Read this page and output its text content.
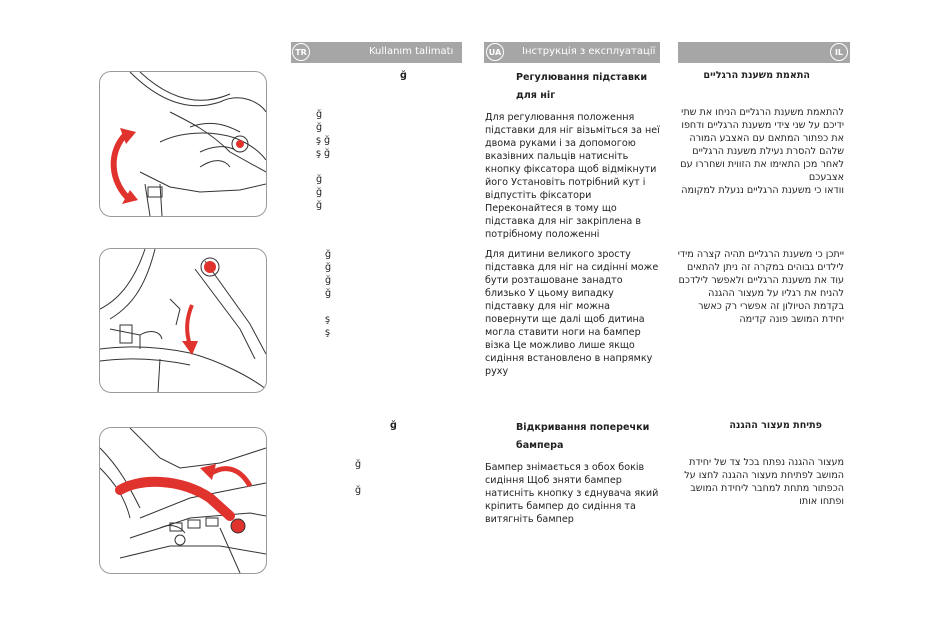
TR	Kullanım talimatı	UA Інструкція з експлуатації	IL

ğ

ğ
ğ
ş ğ
ş ğ

ğ
ğ
ğ

Регулювання підставки
для ніг

Для регулювання положення підставки для ніг візьміться за неї двома руками і за допомогою вказівних пальців натисніть кнопку фіксатора щоб відмікнути його Установіть потрібний кут і відпустіть фіксатори Переконайтеся в тому що підставка для ніг закріплена в потрібному положенні

התאמת משענת הרגליים

להתאמת משענת הרגליים הניחו את שתי ידיכם על שני צידי משענת הרגליים ודחפו את כפתור המתאם עם האצבע המורה שלהם להסרת נעילת משענת הרגליים לאחר מכן התאימו את הזווית ושחררו עם אצבעכם
וודאו כי משענת הרגליים ננעלת למקומה

ğ
ğ
ğ
ğ

ş
ş

Для дитини великого зросту підставка для ніг на сидінні може бути розташоване занадто близько У цьому випадку підставку для ніг можна повернути ще далі щоб дитина могла ставити ноги на бампер візка Це можливо лише якщо сидіння встановлено в напрямку руху

ייתכן כי משענת הרגליים תהיה קצרה מידי לילדים גבוהים במקרה זה ניתן להתאים עוד את משענת הרגליים ולאפשר לילדכם להניח את רגליו על מעצור ההגנה בקדמת הטיולון זה אפשרי רק כאשר יחידת המושב פונה קדימה

ğ

ğ

ğ

Відкривання поперечки
бампера

Бампер знімається з обох боків сидіння Щоб зняти бампер натисніть кнопку з єднувача який кріпить бампер до сидіння та витягніть бампер

פתיחת מעצור ההגנה

מעצור ההגנה נפתח בכל צד של יחידת המושב לפתיחת מעצור ההגנה לחצו על הכפתור מתחת למחבר ליחידת המושב ופתחו אותו
